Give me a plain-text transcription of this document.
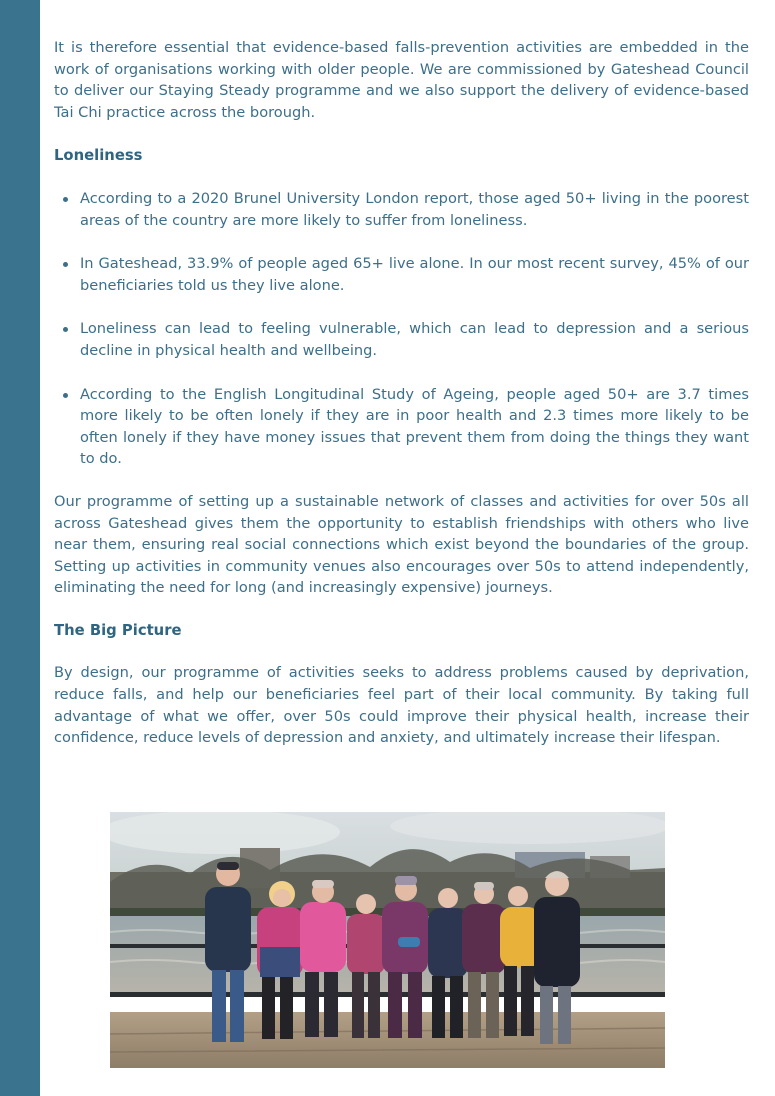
It is therefore essential that evidence-based falls-prevention activities are embedded in the work of organisations working with older people. We are commissioned by Gateshead Council to deliver our Staying Steady programme and we also support the delivery of evidence-based Tai Chi practice across the borough.

Loneliness

According to a 2020 Brunel University London report, those aged 50+ living in the poorest areas of the country are more likely to suffer from loneliness.
In Gateshead, 33.9% of people aged 65+ live alone. In our most recent survey, 45% of our beneficiaries told us they live alone.
Loneliness can lead to feeling vulnerable, which can lead to depression and a serious decline in physical health and wellbeing.
According to the English Longitudinal Study of Ageing, people aged 50+ are 3.7 times more likely to be often lonely if they are in poor health and 2.3 times more likely to be often lonely if they have money issues that prevent them from doing the things they want to do.

Our programme of setting up a sustainable network of classes and activities for over 50s all across Gateshead gives them the opportunity to establish friendships with others who live near them, ensuring real social connections which exist beyond the boundaries of the group. Setting up activities in community venues also encourages over 50s to attend independently, eliminating the need for long (and increasingly expensive) journeys.

The Big Picture

By design, our programme of activities seeks to address problems caused by deprivation, reduce falls, and help our beneficiaries feel part of their local community. By taking full advantage of what we offer, over 50s could improve their physical health, increase their confidence, reduce levels of depression and anxiety, and ultimately increase their lifespan.
